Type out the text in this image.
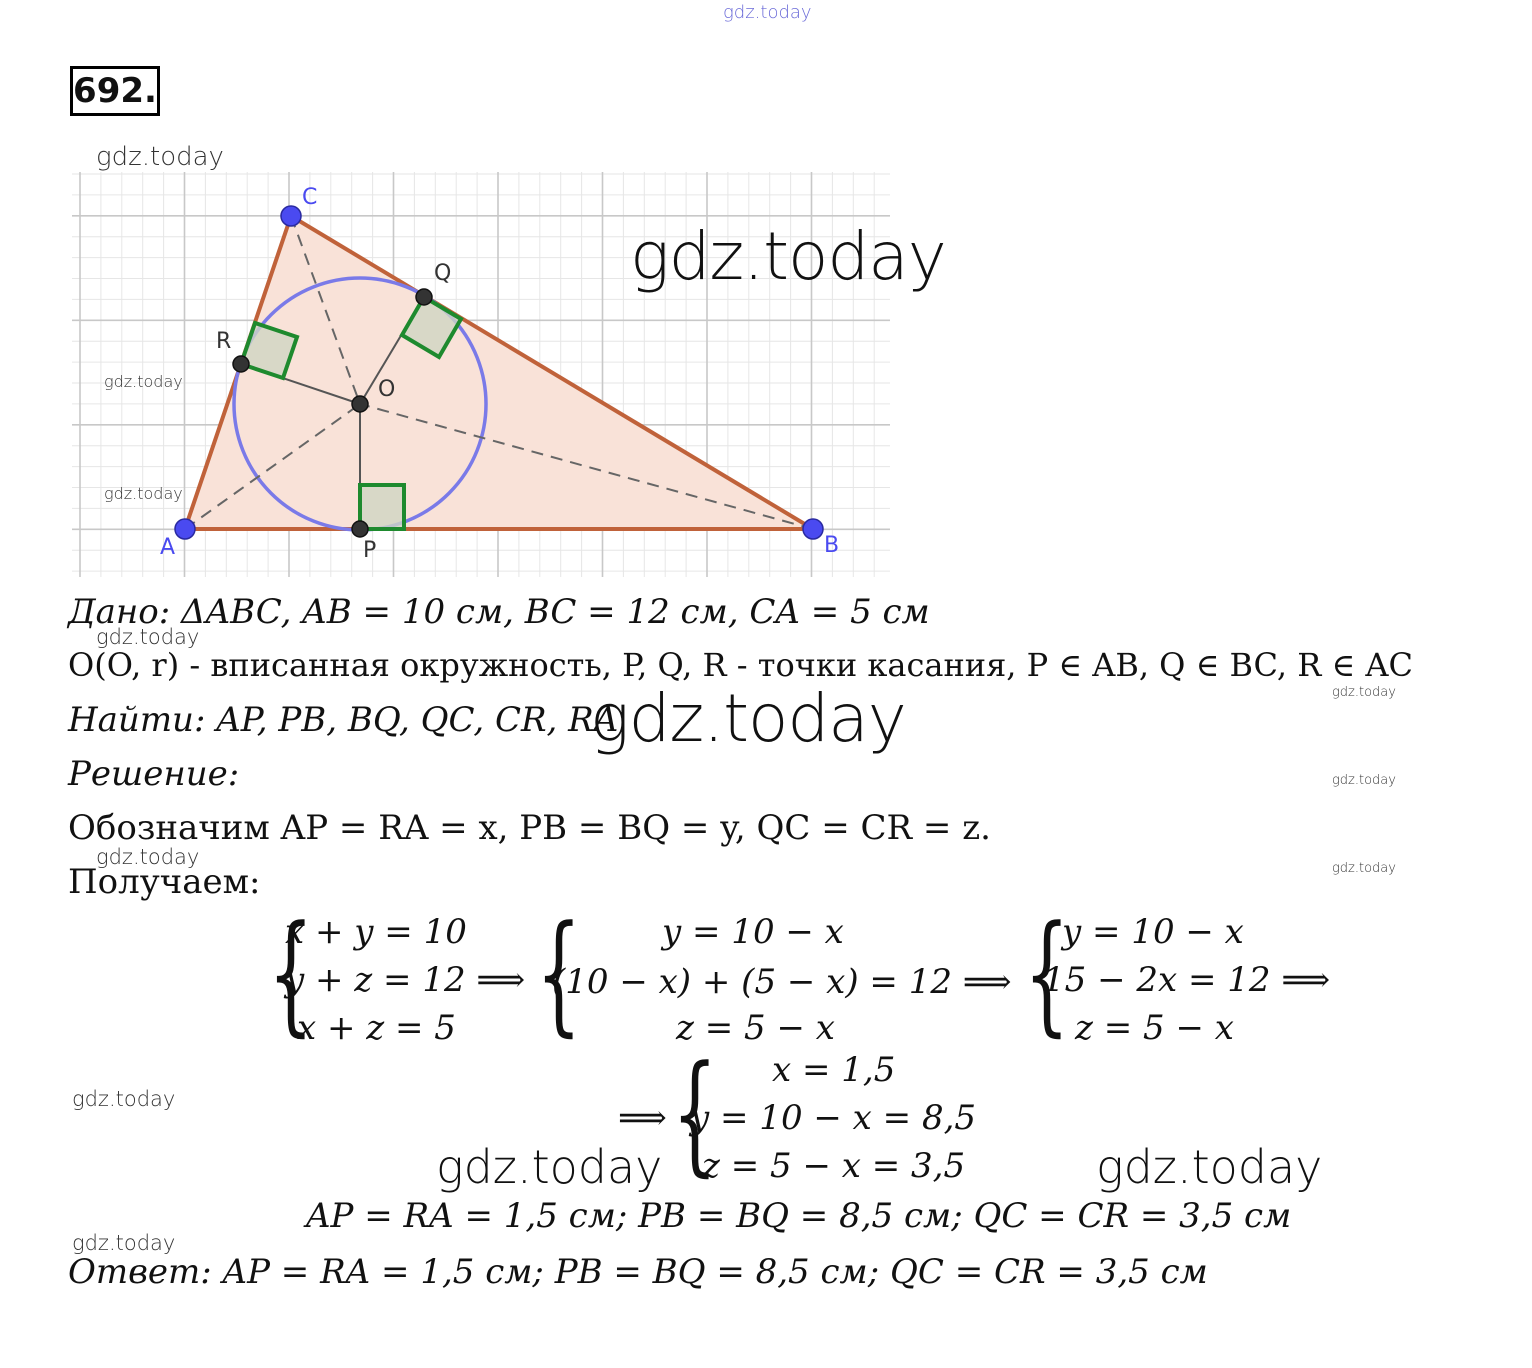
gdz.today
692.
gdz.today
A	B
C
O
P
Q
R
gdz.today
gdz.today
gdz.today
Дано: ΔABC, AB = 10 см, BC = 12 см, CA = 5 см
gdz.today
O(O, r) - вписанная окружность, P, Q, R - точки касания, P ∈ AB, Q ∈ BC, R ∈ AC
gdz.today
Найти: AP, PB, BQ, QC, CR, RA
gdz.today
Решение:	gdz.today
Обозначим AP = RA = x, PB = BQ = y, QC = CR = z.
gdz.today	gdz.today
Получаем:
{
x + y = 10
y + z = 12 ⟹
x + z = 5 { y = 10 − x
(10 − x) + (5 − x) = 12 ⟹
z = 5 − x {
y = 10 − x
15 − 2x = 12 ⟹
z = 5 − x
gdz.today	⟹ { x = 1,5
y = 10 − x = 8,5
z = 5 − x = 3,5
gdz.today	gdz.today
AP = RA = 1,5 см; PB = BQ = 8,5 см; QC = CR = 3,5 см
gdz.today
Ответ: AP = RA = 1,5 см; PB = BQ = 8,5 см; QC = CR = 3,5 см
